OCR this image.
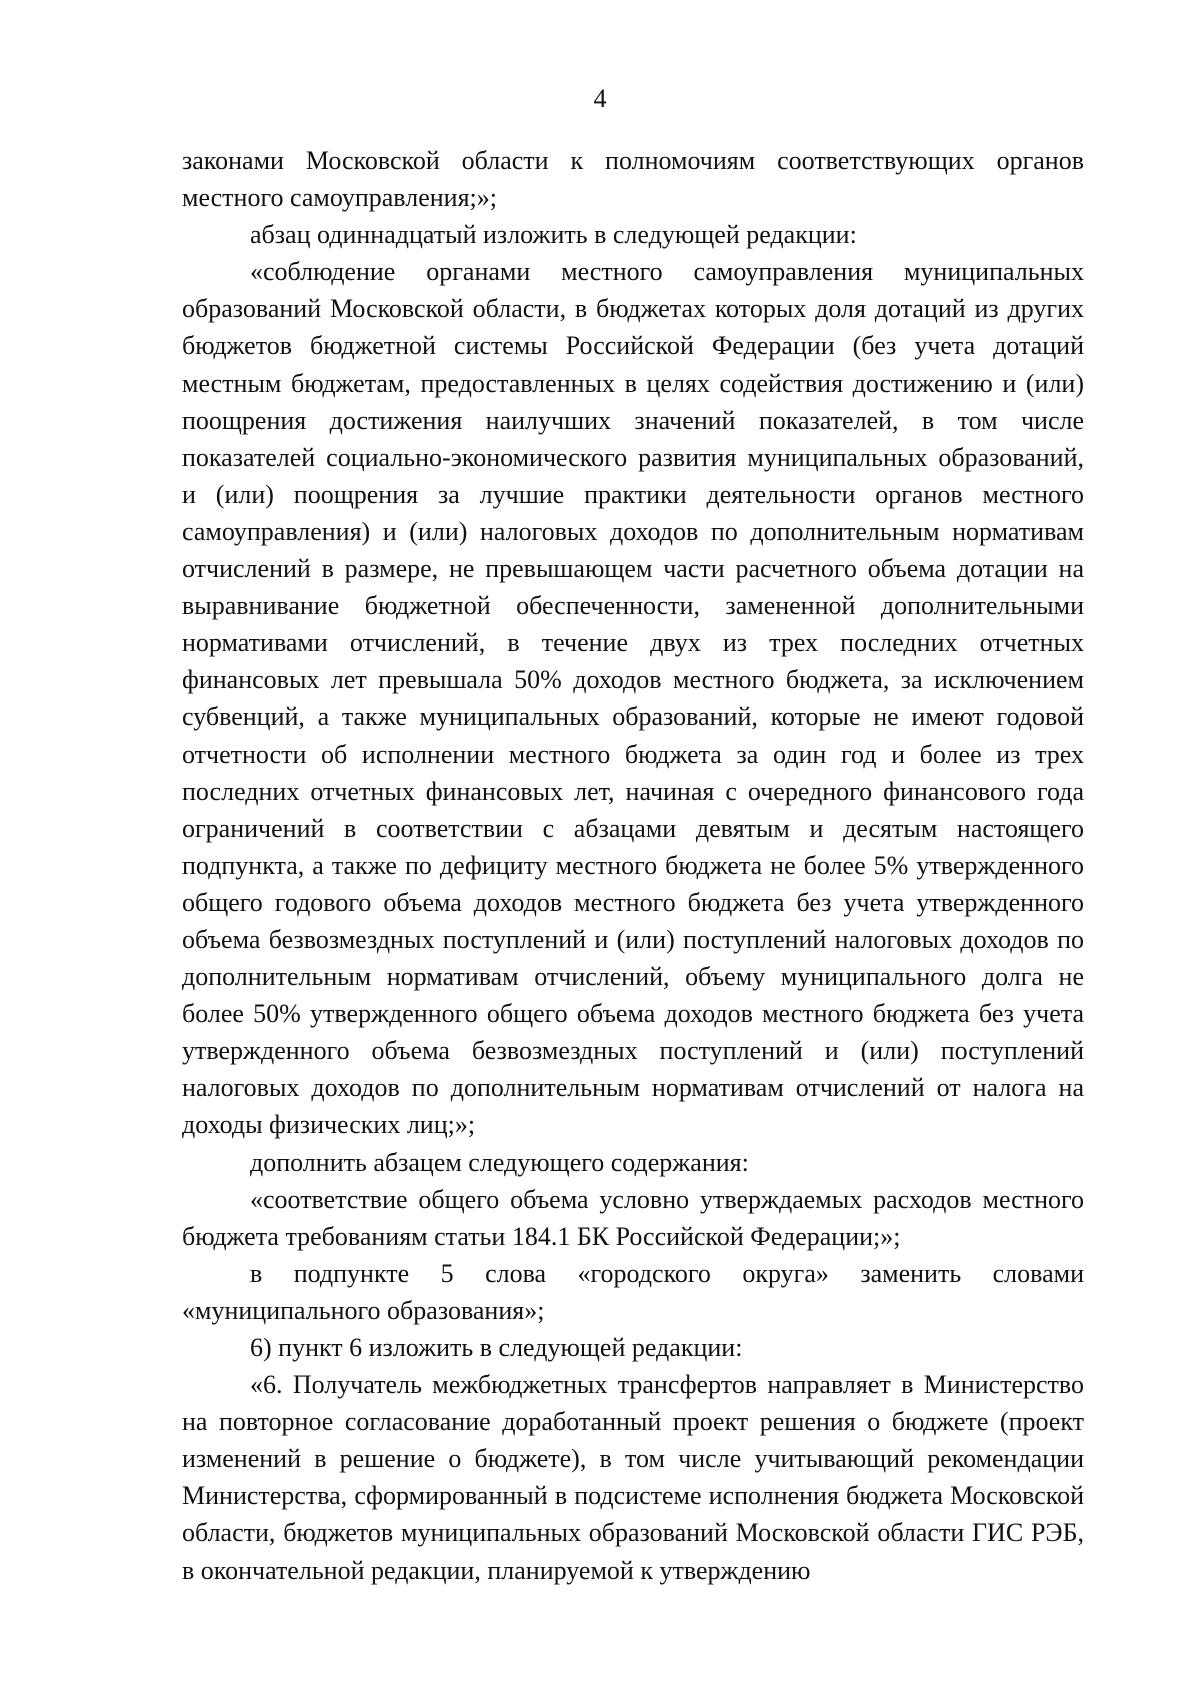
4

законами Московской области к полномочиям соответствующих органов местного самоуправления;»;

абзац одиннадцатый изложить в следующей редакции:

«соблюдение органами местного самоуправления муниципальных образований Московской области, в бюджетах которых доля дотаций из других бюджетов бюджетной системы Российской Федерации (без учета дотаций местным бюджетам, предоставленных в целях содействия достижению и (или) поощрения достижения наилучших значений показателей, в том числе показателей социально-экономического развития муниципальных образований, и (или) поощрения за лучшие практики деятельности органов местного самоуправления) и (или) налоговых доходов по дополнительным нормативам отчислений в размере, не превышающем части расчетного объема дотации на выравнивание бюджетной обеспеченности, замененной дополнительными нормативами отчислений, в течение двух из трех последних отчетных финансовых лет превышала 50% доходов местного бюджета, за исключением субвенций, а также муниципальных образований, которые не имеют годовой отчетности об исполнении местного бюджета за один год и более из трех последних отчетных финансовых лет, начиная с очередного финансового года ограничений в соответствии с абзацами девятым и десятым настоящего подпункта, а также по дефициту местного бюджета не более 5% утвержденного общего годового объема доходов местного бюджета без учета утвержденного объема безвозмездных поступлений и (или) поступлений налоговых доходов по дополнительным нормативам отчислений, объему муниципального долга не более 50% утвержденного общего объема доходов местного бюджета без учета утвержденного объема безвозмездных поступлений и (или) поступлений налоговых доходов по дополнительным нормативам отчислений от налога на доходы физических лиц;»;

дополнить абзацем следующего содержания:

«соответствие общего объема условно утверждаемых расходов местного бюджета требованиям статьи 184.1 БК Российской Федерации;»;

в подпункте 5 слова «городского округа» заменить словами «муниципального образования»;

6) пункт 6 изложить в следующей редакции:

«6. Получатель межбюджетных трансфертов направляет в Министерство на повторное согласование доработанный проект решения о бюджете (проект изменений в решение о бюджете), в том числе учитывающий рекомендации Министерства, сформированный в подсистеме исполнения бюджета Московской области, бюджетов муниципальных образований Московской области ГИС РЭБ, в окончательной редакции, планируемой к утверждению
